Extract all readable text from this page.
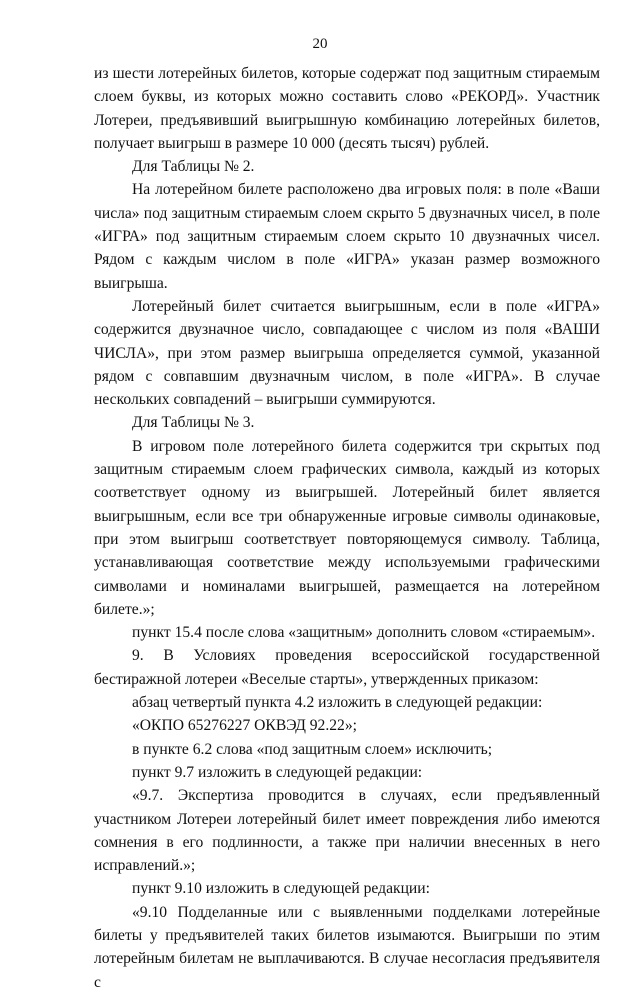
20

из шести лотерейных билетов, которые содержат под защитным стираемым слоем буквы, из которых можно составить слово «РЕКОРД». Участник Лотереи, предъявивший выигрышную комбинацию лотерейных билетов, получает выигрыш в размере 10 000 (десять тысяч) рублей.

Для Таблицы № 2.

На лотерейном билете расположено два игровых поля: в поле «Ваши числа» под защитным стираемым слоем скрыто 5 двузначных чисел, в поле «ИГРА» под защитным стираемым слоем скрыто 10 двузначных чисел. Рядом с каждым числом в поле «ИГРА» указан размер возможного выигрыша.

Лотерейный билет считается выигрышным, если в поле «ИГРА» содержится двузначное число, совпадающее с числом из поля «ВАШИ ЧИСЛА», при этом размер выигрыша определяется суммой, указанной рядом с совпавшим двузначным числом, в поле «ИГРА». В случае нескольких совпадений – выигрыши суммируются.

Для Таблицы № 3.

В игровом поле лотерейного билета содержится три скрытых под защитным стираемым слоем графических символа, каждый из которых соответствует одному из выигрышей. Лотерейный билет является выигрышным, если все три обнаруженные игровые символы одинаковые, при этом выигрыш соответствует повторяющемуся символу. Таблица, устанавливающая соответствие между используемыми графическими символами и номиналами выигрышей, размещается на лотерейном билете.»;

пункт 15.4 после слова «защитным» дополнить словом «стираемым».

9. В Условиях проведения всероссийской государственной бестиражной лотереи «Веселые старты», утвержденных приказом:

абзац четвертый пункта 4.2 изложить в следующей редакции:

«ОКПО 65276227 ОКВЭД 92.22»;

в пункте 6.2 слова «под защитным слоем» исключить;

пункт 9.7 изложить в следующей редакции:

«9.7. Экспертиза проводится в случаях, если предъявленный участником Лотереи лотерейный билет имеет повреждения либо имеются сомнения в его подлинности, а также при наличии внесенных в него исправлений.»;

пункт 9.10 изложить в следующей редакции:

«9.10 Подделанные или с выявленными подделками лотерейные билеты у предъявителей таких билетов изымаются. Выигрыши по этим лотерейным билетам не выплачиваются. В случае несогласия предъявителя с
